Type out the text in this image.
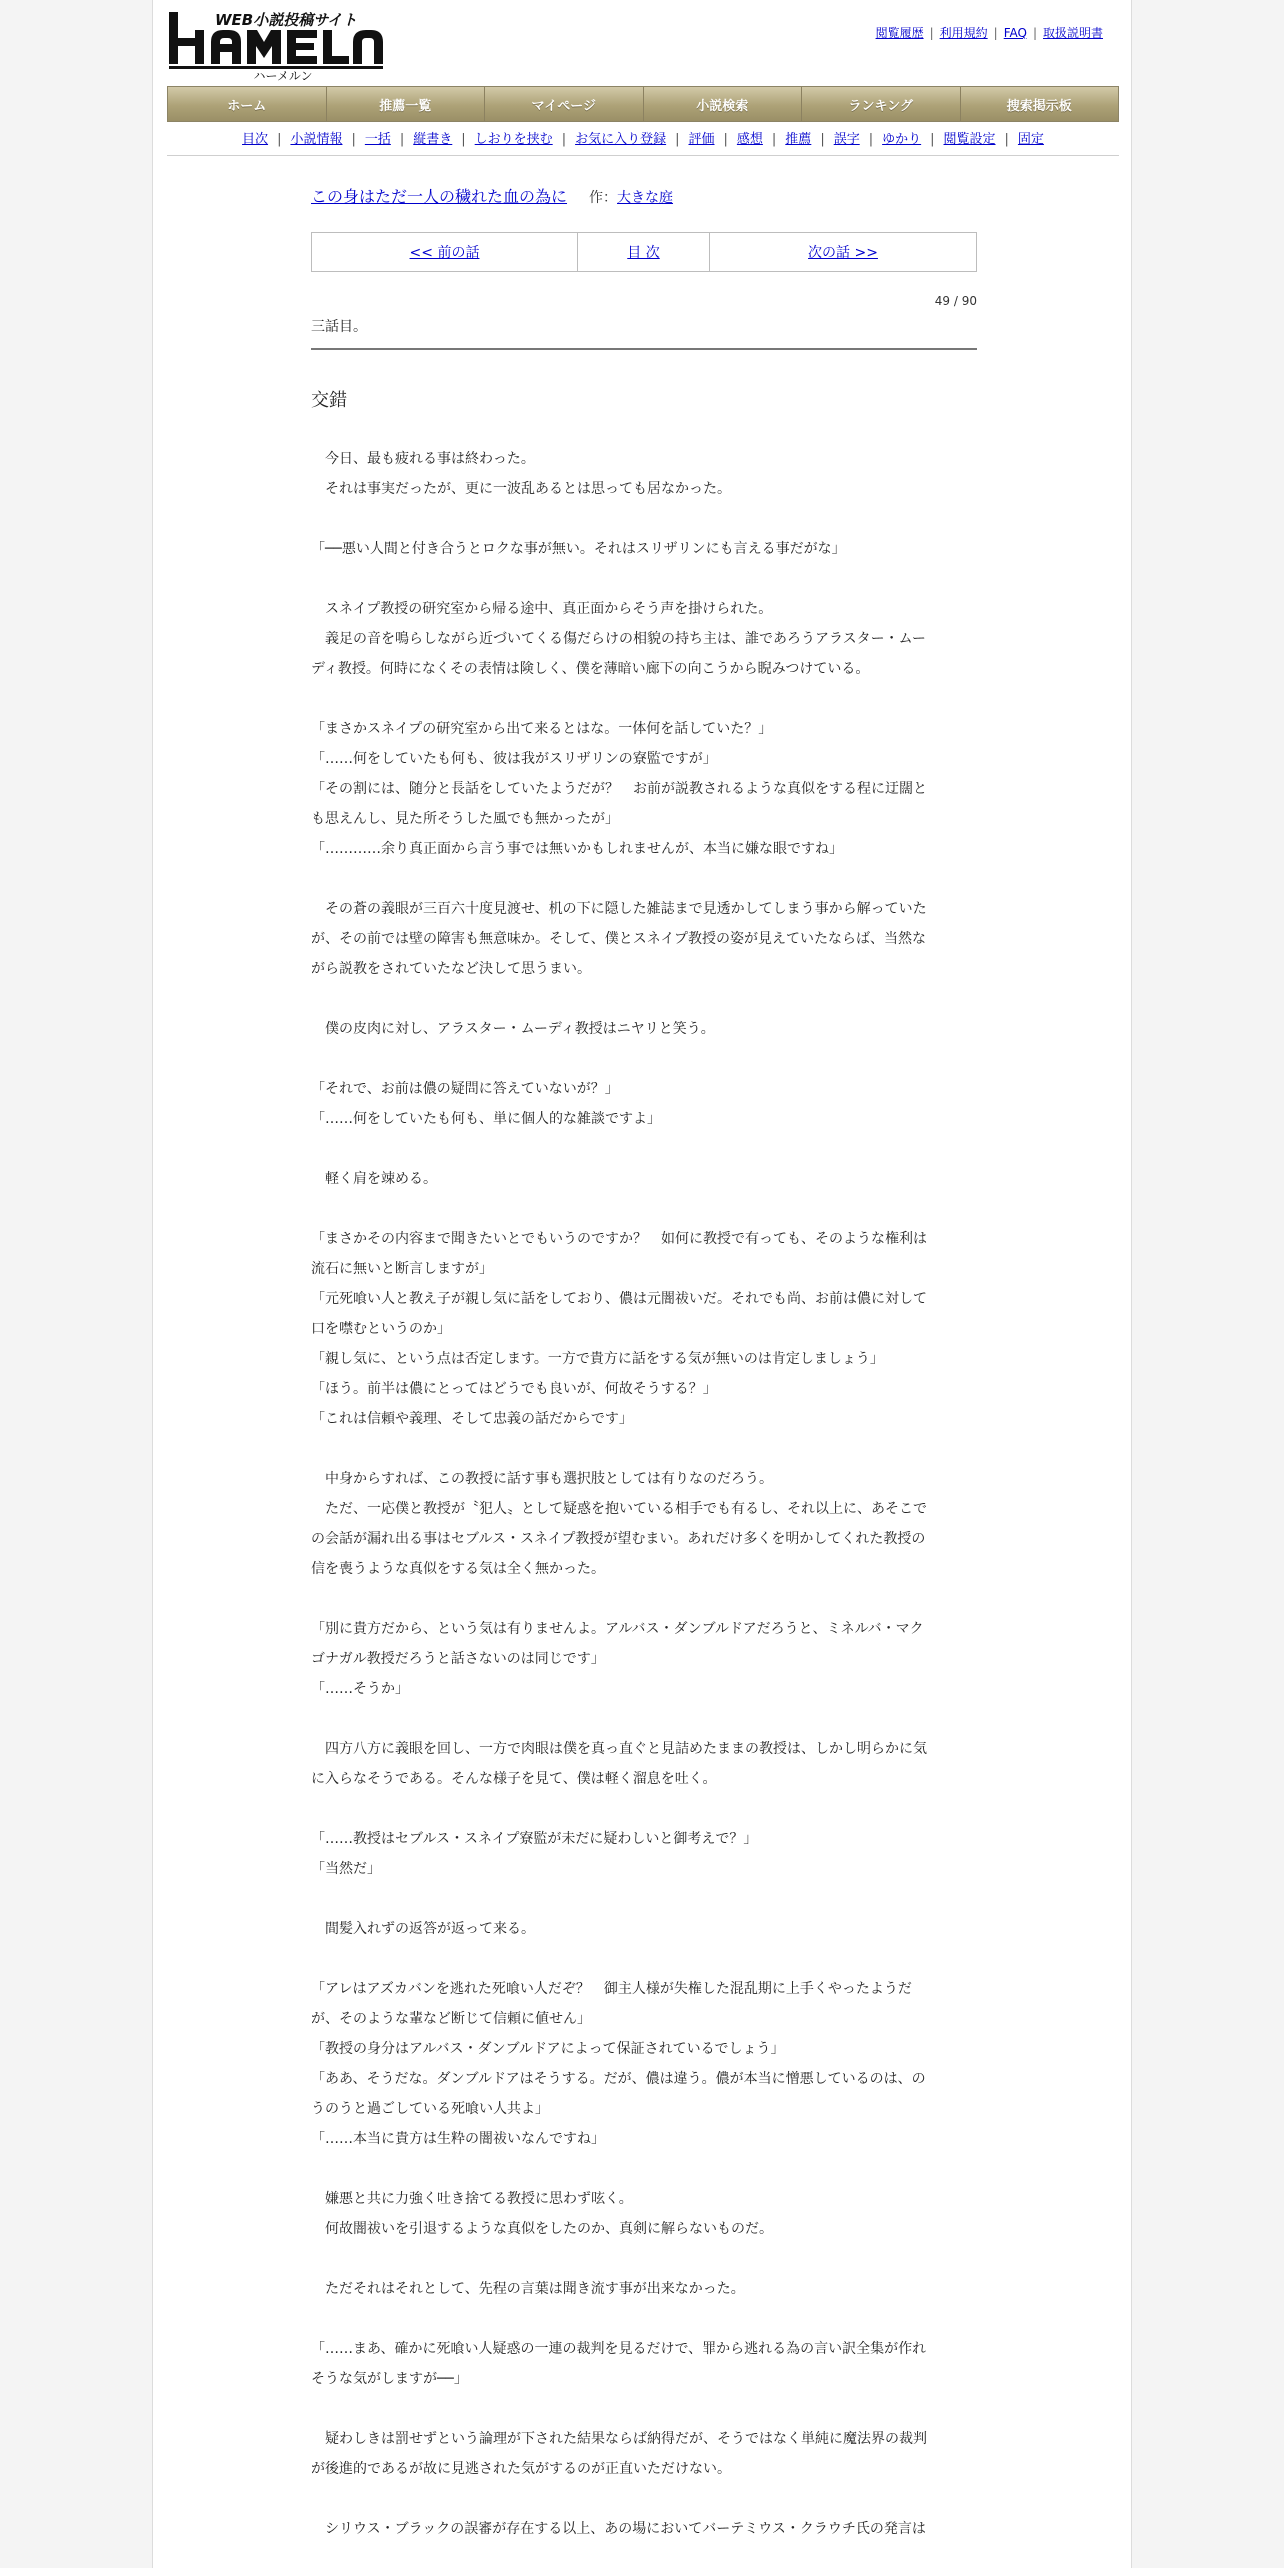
WEB小説投稿サイト
ハーメルン
閲覧履歴 | 利用規約 | FAQ | 取扱説明書
ホーム	推薦一覧	マイページ	小説検索	ランキング	捜索掲示板
目次 | 小説情報 | 一括 | 縦書き | しおりを挟む | お気に入り登録 | 評価 | 感想 | 推薦 | 誤字 | ゆかり | 閲覧設定 | 固定
この身はただ一人の穢れた血の為に 作：大きな庭
<< 前の話	目 次	次の話 >>
49 / 90
三話目。
交錯

　今日、最も疲れる事は終わった。

　それは事実だったが、更に一波乱あるとは思っても居なかった。

「──悪い人間と付き合うとロクな事が無い。それはスリザリンにも言える事だがな」

　スネイプ教授の研究室から帰る途中、真正面からそう声を掛けられた。

　義足の音を鳴らしながら近づいてくる傷だらけの相貌の持ち主は、誰であろうアラスター・ムー

ディ教授。何時になくその表情は険しく、僕を薄暗い廊下の向こうから睨みつけている。

「まさかスネイプの研究室から出て来るとはな。一体何を話していた？」

「……何をしていたも何も、彼は我がスリザリンの寮監ですが」

「その割には、随分と長話をしていたようだが？　お前が説教されるような真似をする程に迂闊と

も思えんし、見た所そうした風でも無かったが」

「…………余り真正面から言う事では無いかもしれませんが、本当に嫌な眼ですね」

　その蒼の義眼が三百六十度見渡せ、机の下に隠した雑誌まで見透かしてしまう事から解っていた

が、その前では壁の障害も無意味か。そして、僕とスネイプ教授の姿が見えていたならば、当然な

がら説教をされていたなど決して思うまい。

　僕の皮肉に対し、アラスター・ムーディ教授はニヤリと笑う。

「それで、お前は儂の疑問に答えていないが？」

「……何をしていたも何も、単に個人的な雑談ですよ」

　軽く肩を竦める。

「まさかその内容まで聞きたいとでもいうのですか？　如何に教授で有っても、そのような権利は

流石に無いと断言しますが」

「元死喰い人と教え子が親し気に話をしており、儂は元闇祓いだ。それでも尚、お前は儂に対して

口を噤むというのか」

「親し気に、という点は否定します。一方で貴方に話をする気が無いのは肯定しましょう」

「ほう。前半は儂にとってはどうでも良いが、何故そうする？」

「これは信頼や義理、そして忠義の話だからです」

　中身からすれば、この教授に話す事も選択肢としては有りなのだろう。

　ただ、一応僕と教授が〝犯人〟として疑惑を抱いている相手でも有るし、それ以上に、あそこで

の会話が漏れ出る事はセブルス・スネイプ教授が望むまい。あれだけ多くを明かしてくれた教授の

信を喪うような真似をする気は全く無かった。

「別に貴方だから、という気は有りませんよ。アルバス・ダンブルドアだろうと、ミネルバ・マク

ゴナガル教授だろうと話さないのは同じです」

「……そうか」

　四方八方に義眼を回し、一方で肉眼は僕を真っ直ぐと見詰めたままの教授は、しかし明らかに気

に入らなそうである。そんな様子を見て、僕は軽く溜息を吐く。

「……教授はセブルス・スネイプ寮監が未だに疑わしいと御考えで？」

「当然だ」

　間髪入れずの返答が返って来る。

「アレはアズカバンを逃れた死喰い人だぞ？　御主人様が失権した混乱期に上手くやったようだ

が、そのような輩など断じて信頼に値せん」

「教授の身分はアルバス・ダンブルドアによって保証されているでしょう」

「ああ、そうだな。ダンブルドアはそうする。だが、儂は違う。儂が本当に憎悪しているのは、の

うのうと過ごしている死喰い人共よ」

「……本当に貴方は生粋の闇祓いなんですね」

　嫌悪と共に力強く吐き捨てる教授に思わず呟く。

　何故闇祓いを引退するような真似をしたのか、真剣に解らないものだ。

　ただそれはそれとして、先程の言葉は聞き流す事が出来なかった。

「……まあ、確かに死喰い人疑惑の一連の裁判を見るだけで、罪から逃れる為の言い訳全集が作れ

そうな気がしますが──」

　疑わしきは罰せずという論理が下された結果ならば納得だが、そうではなく単純に魔法界の裁判

が後進的であるが故に見逃された気がするのが正直いただけない。

　シリウス・ブラックの誤審が存在する以上、あの場においてバーテミウス・クラウチ氏の発言は
